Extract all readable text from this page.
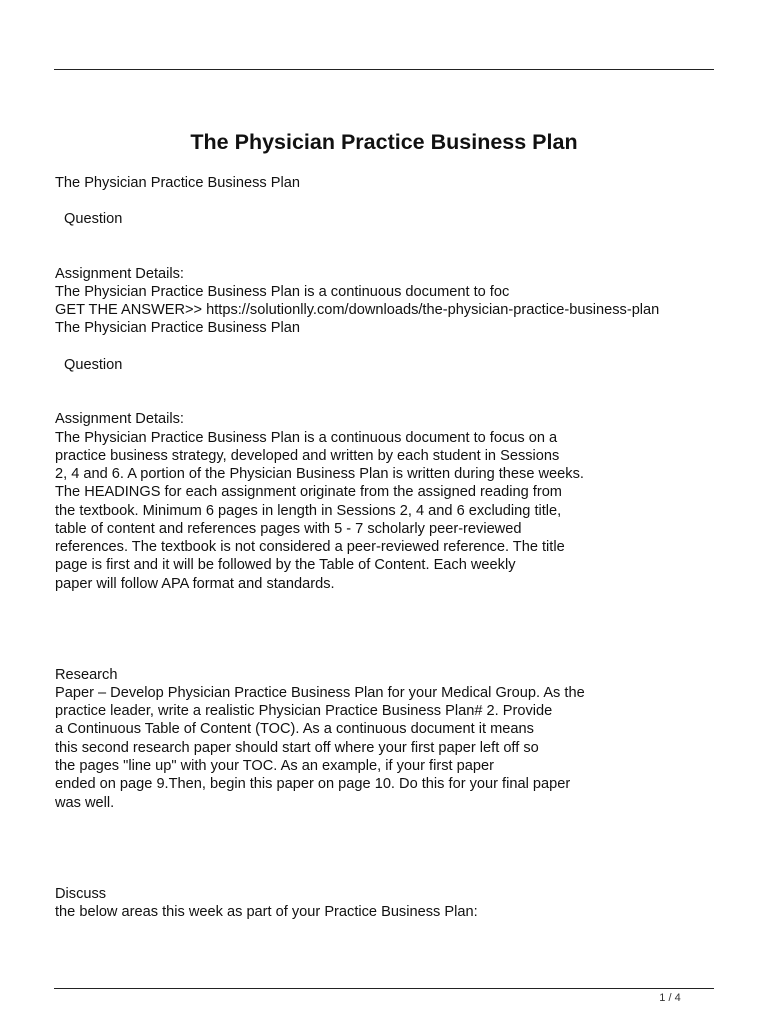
The Physician Practice Business Plan

The Physician Practice Business Plan

Question

Assignment Details:

The Physician Practice Business Plan is a continuous document to foc

GET THE ANSWER>> https://solutionlly.com/downloads/the-physician-practice-business-plan

The Physician Practice Business Plan

Question

Assignment Details:

The Physician Practice Business Plan is a continuous document to focus on a

practice business strategy, developed and written by each student in Sessions

2, 4 and 6. A portion of the Physician Business Plan is written during these weeks.

The HEADINGS for each assignment originate from the assigned reading from

the textbook. Minimum 6 pages in length in Sessions 2, 4 and 6 excluding title,

table of content and references pages with 5 - 7 scholarly peer-reviewed

references. The textbook is not considered a peer-reviewed reference. The title

page is first and it will be followed by the Table of Content. Each weekly

paper will follow APA format and standards.

Research

Paper – Develop Physician Practice Business Plan for your Medical Group. As the

practice leader, write a realistic Physician Practice Business Plan# 2. Provide

a Continuous Table of Content (TOC). As a continuous document it means

this second research paper should start off where your first paper left off so

the pages "line up" with your TOC. As an example, if your first paper

ended on page 9.Then, begin this paper on page 10. Do this for your final paper

was well.

Discuss

the below areas this week as part of your Practice Business Plan:

1 / 4
